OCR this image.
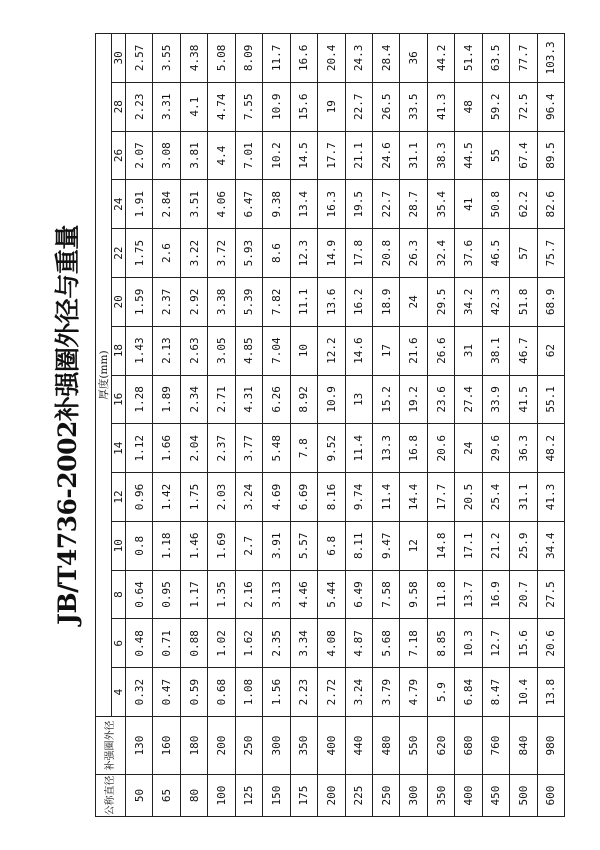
JB/T4736-2002补强圈外径与重量
公称直径	补强圈外径	厚度(mm)													
		4	6	8	10	12	14	16	18	20	22	24	26	28	30
50	130	0.32	0.48	0.64	0.8	0.96	1.12	1.28	1.43	1.59	1.75	1.91	2.07	2.23	2.57
65	160	0.47	0.71	0.95	1.18	1.42	1.66	1.89	2.13	2.37	2.6	2.84	3.08	3.31	3.55
80	180	0.59	0.88	1.17	1.46	1.75	2.04	2.34	2.63	2.92	3.22	3.51	3.81	4.1	4.38
100	200	0.68	1.02	1.35	1.69	2.03	2.37	2.71	3.05	3.38	3.72	4.06	4.4	4.74	5.08
125	250	1.08	1.62	2.16	2.7	3.24	3.77	4.31	4.85	5.39	5.93	6.47	7.01	7.55	8.09
150	300	1.56	2.35	3.13	3.91	4.69	5.48	6.26	7.04	7.82	8.6	9.38	10.2	10.9	11.7
175	350	2.23	3.34	4.46	5.57	6.69	7.8	8.92	10	11.1	12.3	13.4	14.5	15.6	16.6
200	400	2.72	4.08	5.44	6.8	8.16	9.52	10.9	12.2	13.6	14.9	16.3	17.7	19	20.4
225	440	3.24	4.87	6.49	8.11	9.74	11.4	13	14.6	16.2	17.8	19.5	21.1	22.7	24.3
250	480	3.79	5.68	7.58	9.47	11.4	13.3	15.2	17	18.9	20.8	22.7	24.6	26.5	28.4
300	550	4.79	7.18	9.58	12	14.4	16.8	19.2	21.6	24	26.3	28.7	31.1	33.5	36
350	620	5.9	8.85	11.8	14.8	17.7	20.6	23.6	26.6	29.5	32.4	35.4	38.3	41.3	44.2
400	680	6.84	10.3	13.7	17.1	20.5	24	27.4	31	34.2	37.6	41	44.5	48	51.4
450	760	8.47	12.7	16.9	21.2	25.4	29.6	33.9	38.1	42.3	46.5	50.8	55	59.2	63.5
500	840	10.4	15.6	20.7	25.9	31.1	36.3	41.5	46.7	51.8	57	62.2	67.4	72.5	77.7
600	980	13.8	20.6	27.5	34.4	41.3	48.2	55.1	62	68.9	75.7	82.6	89.5	96.4	103.3
